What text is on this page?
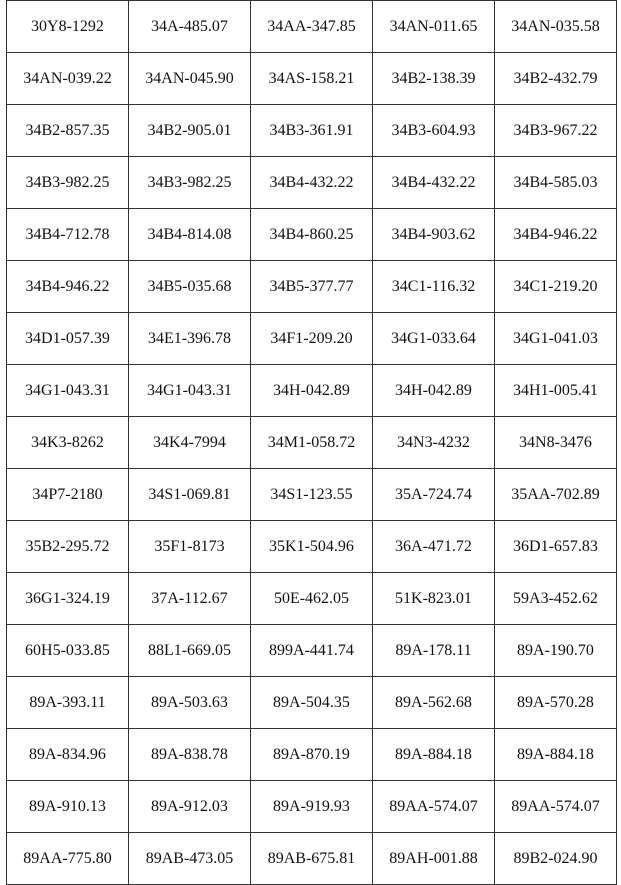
30Y8-1292	34A-485.07	34AA-347.85	34AN-011.65	34AN-035.58
34AN-039.22	34AN-045.90	34AS-158.21	34B2-138.39	34B2-432.79
34B2-857.35	34B2-905.01	34B3-361.91	34B3-604.93	34B3-967.22
34B3-982.25	34B3-982.25	34B4-432.22	34B4-432.22	34B4-585.03
34B4-712.78	34B4-814.08	34B4-860.25	34B4-903.62	34B4-946.22
34B4-946.22	34B5-035.68	34B5-377.77	34C1-116.32	34C1-219.20
34D1-057.39	34E1-396.78	34F1-209.20	34G1-033.64	34G1-041.03
34G1-043.31	34G1-043.31	34H-042.89	34H-042.89	34H1-005.41
34K3-8262	34K4-7994	34M1-058.72	34N3-4232	34N8-3476
34P7-2180	34S1-069.81	34S1-123.55	35A-724.74	35AA-702.89
35B2-295.72	35F1-8173	35K1-504.96	36A-471.72	36D1-657.83
36G1-324.19	37A-112.67	50E-462.05	51K-823.01	59A3-452.62
60H5-033.85	88L1-669.05	899A-441.74	89A-178.11	89A-190.70
89A-393.11	89A-503.63	89A-504.35	89A-562.68	89A-570.28
89A-834.96	89A-838.78	89A-870.19	89A-884.18	89A-884.18
89A-910.13	89A-912.03	89A-919.93	89AA-574.07	89AA-574.07
89AA-775.80	89AB-473.05	89AB-675.81	89AH-001.88	89B2-024.90
